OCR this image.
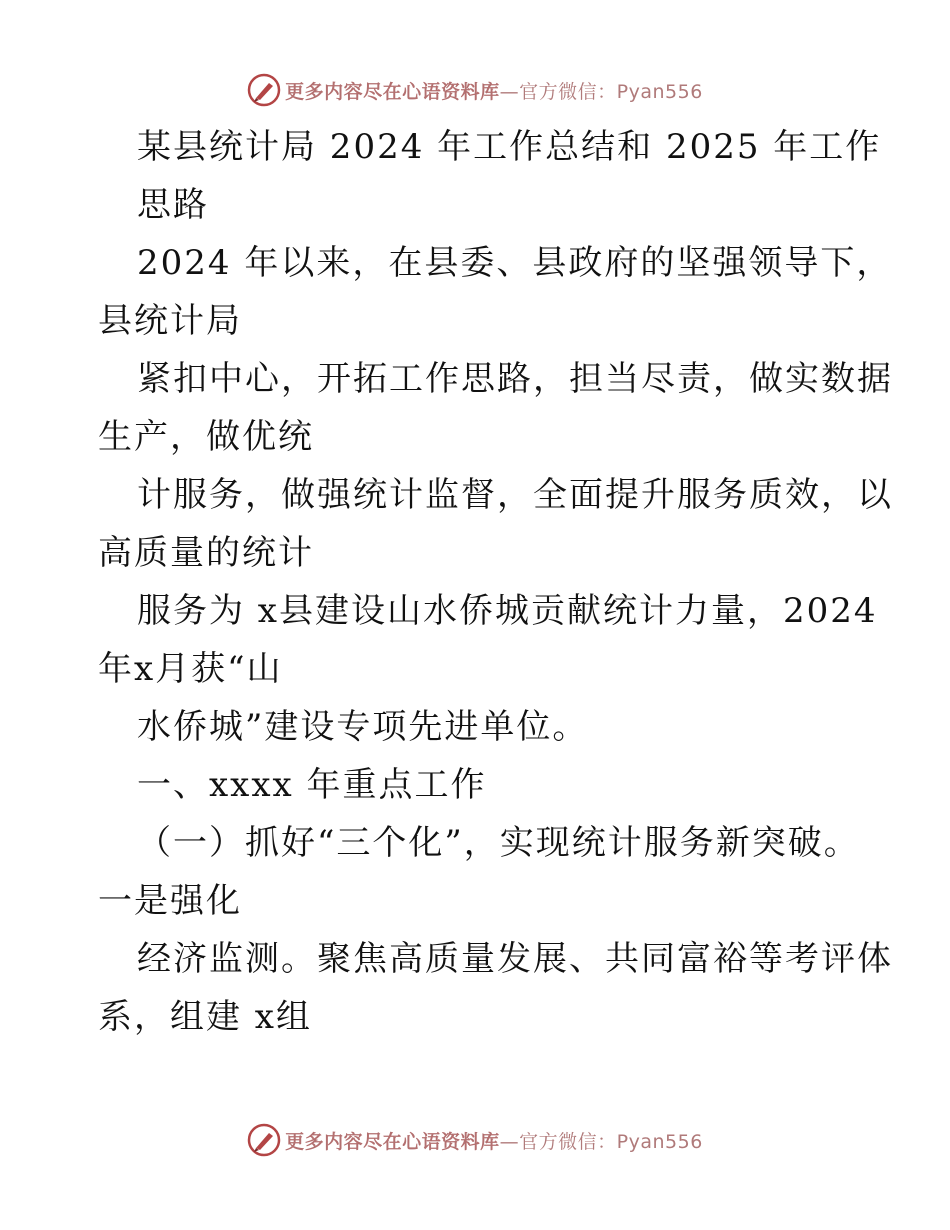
更多内容尽在心语资料库—官方微信：Pyan556
某县统计局 2024 年工作总结和 2025 年工作
思路
2024 年以来，在县委、县政府的坚强领导下，
县统计局
紧扣中心，开拓工作思路，担当尽责，做实数据
生产，做优统
计服务，做强统计监督，全面提升服务质效，以
高质量的统计
服务为 x县建设山水侨城贡献统计力量，2024
年x月获“山
水侨城”建设专项先进单位。
一、xxxx 年重点工作
（一）抓好“三个化”，实现统计服务新突破。
一是强化
经济监测。聚焦高质量发展、共同富裕等考评体
系，组建 x组
更多内容尽在心语资料库—官方微信：Pyan556
